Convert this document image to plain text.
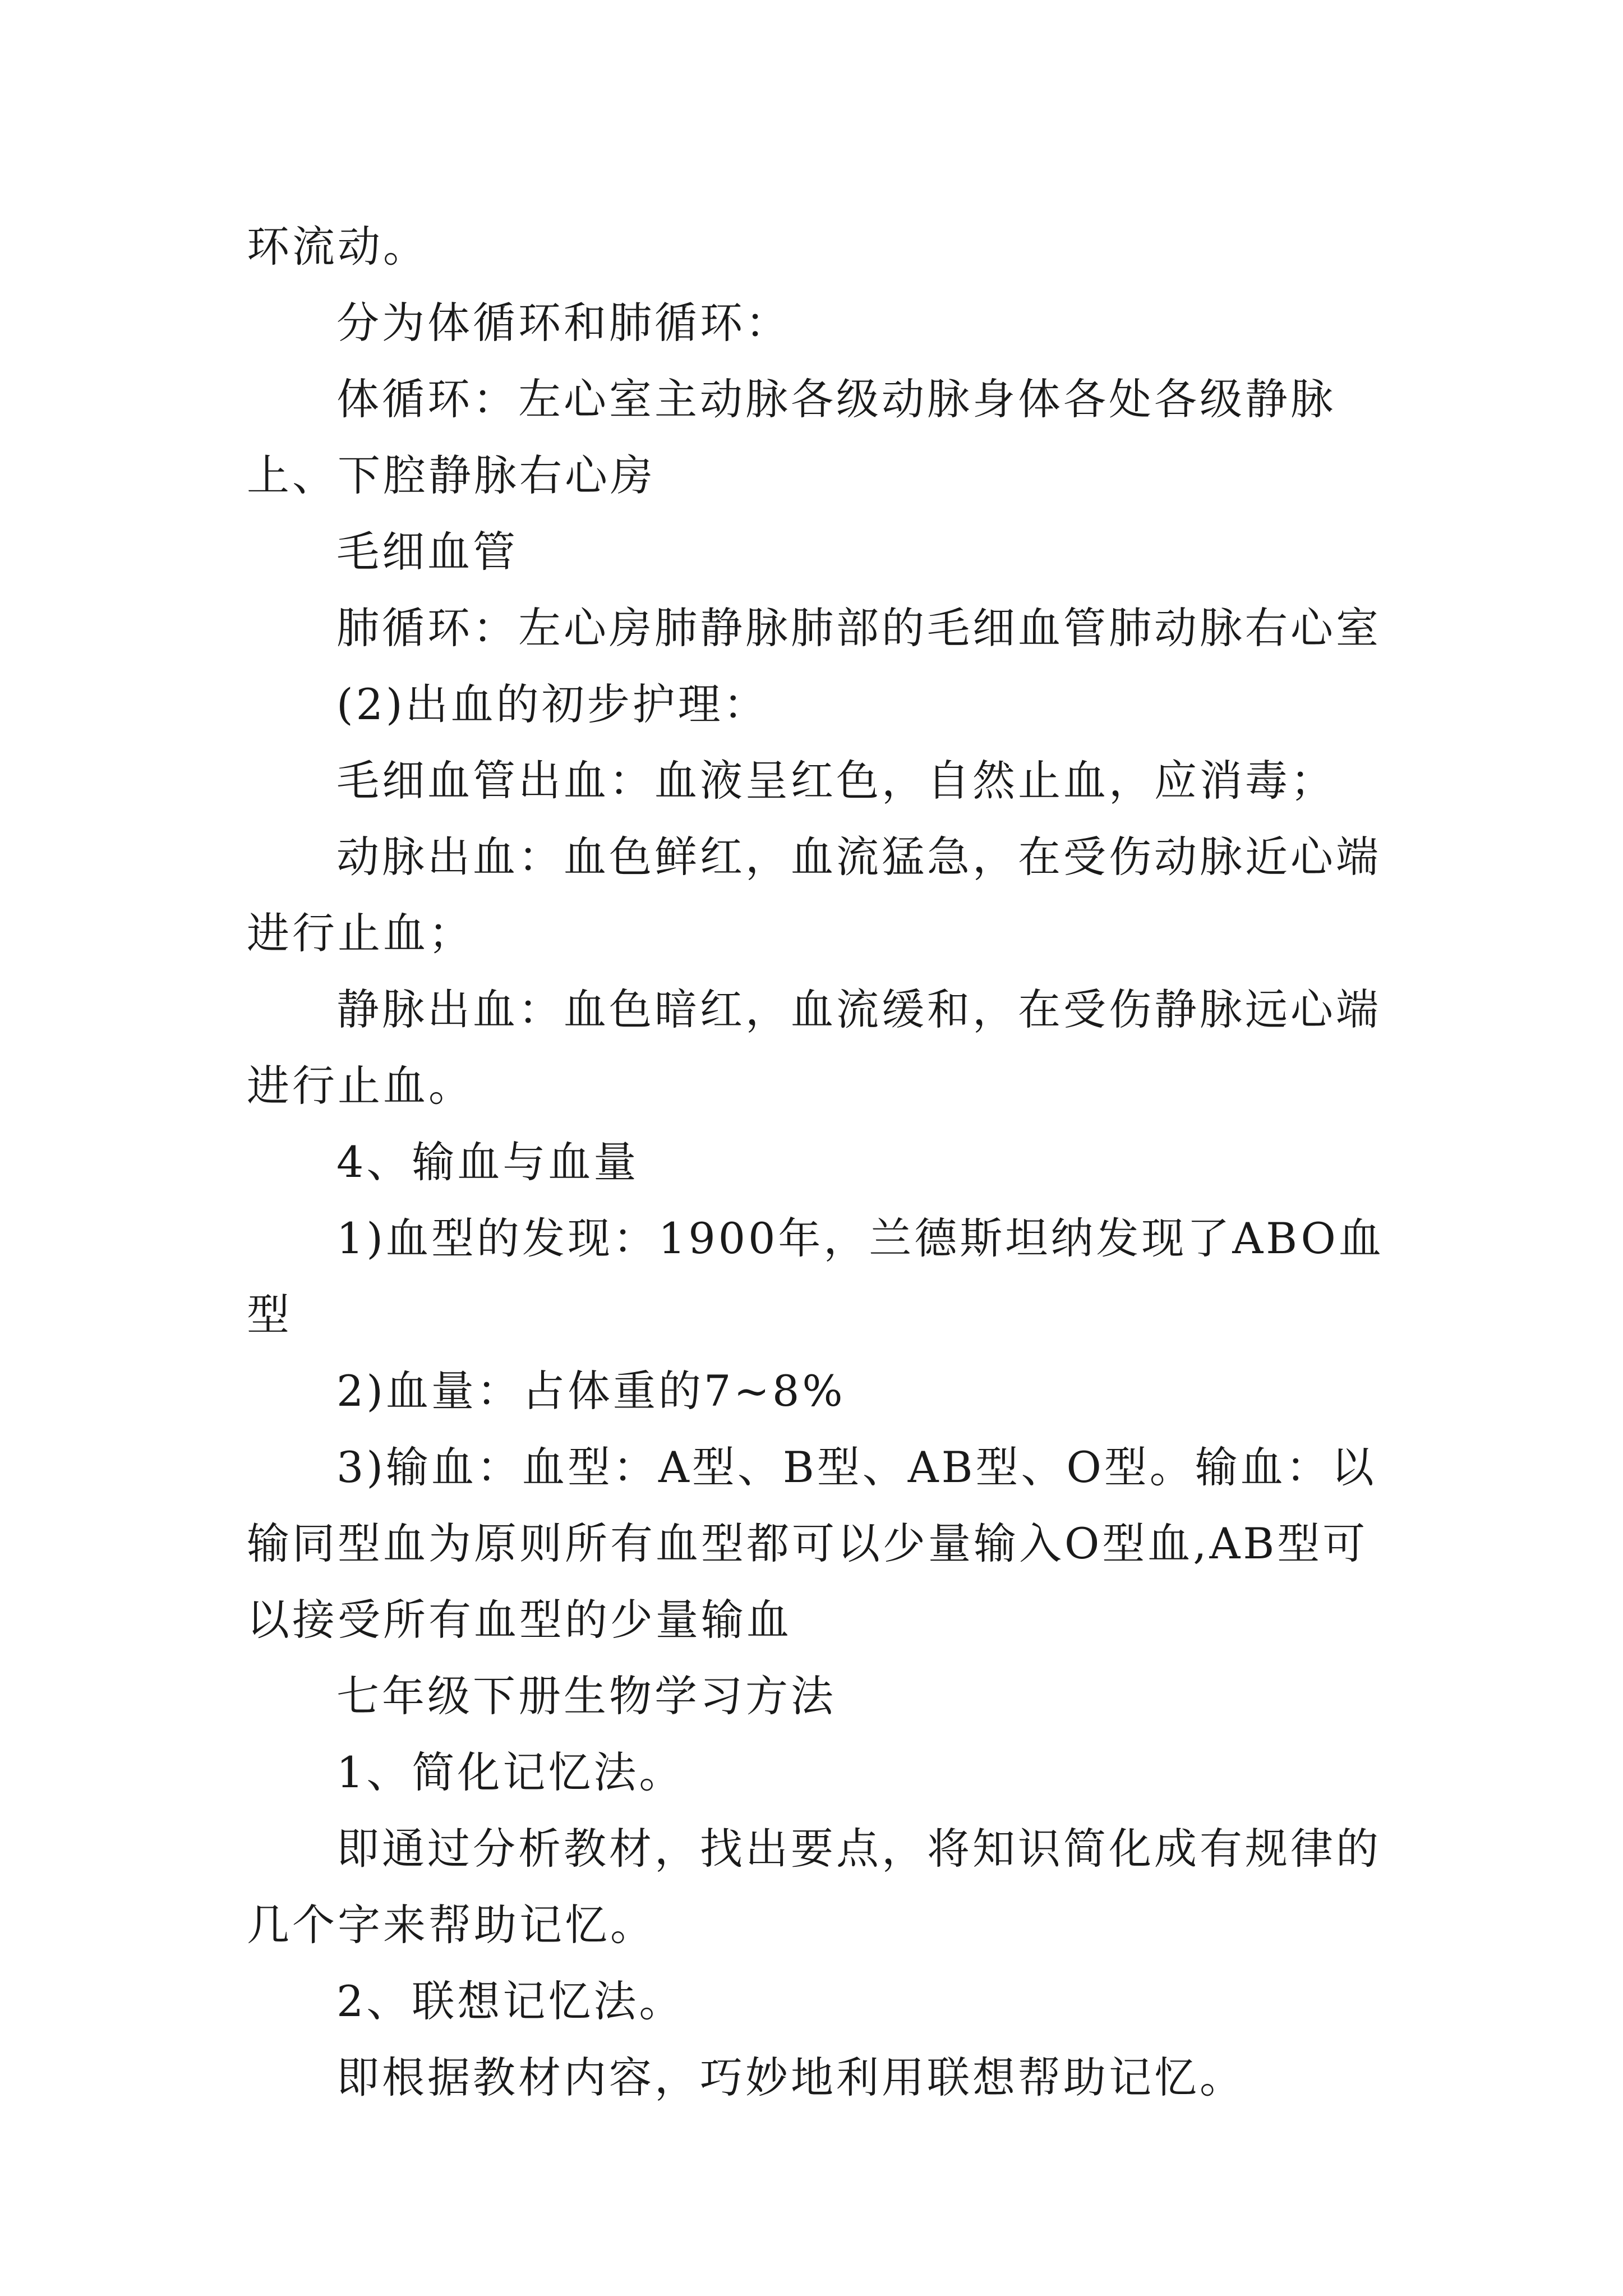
环流动。

分为体循环和肺循环：

体循环：左心室主动脉各级动脉身体各处各级静脉上、下腔静脉右心房

毛细血管

肺循环：左心房肺静脉肺部的毛细血管肺动脉右心室

(2)出血的初步护理：

毛细血管出血：血液呈红色，自然止血，应消毒；

动脉出血：血色鲜红，血流猛急，在受伤动脉近心端进行止血；

静脉出血：血色暗红，血流缓和，在受伤静脉远心端进行止血。

4、输血与血量

1)血型的发现：1900年，兰德斯坦纳发现了ABO血型

2)血量：占体重的7~8%

3)输血：血型：A型、B型、AB型、O型。输血：以输同型血为原则所有血型都可以少量输入O型血,AB型可以接受所有血型的少量输血

七年级下册生物学习方法

1、简化记忆法。

即通过分析教材，找出要点，将知识简化成有规律的几个字来帮助记忆。

2、联想记忆法。

即根据教材内容，巧妙地利用联想帮助记忆。
